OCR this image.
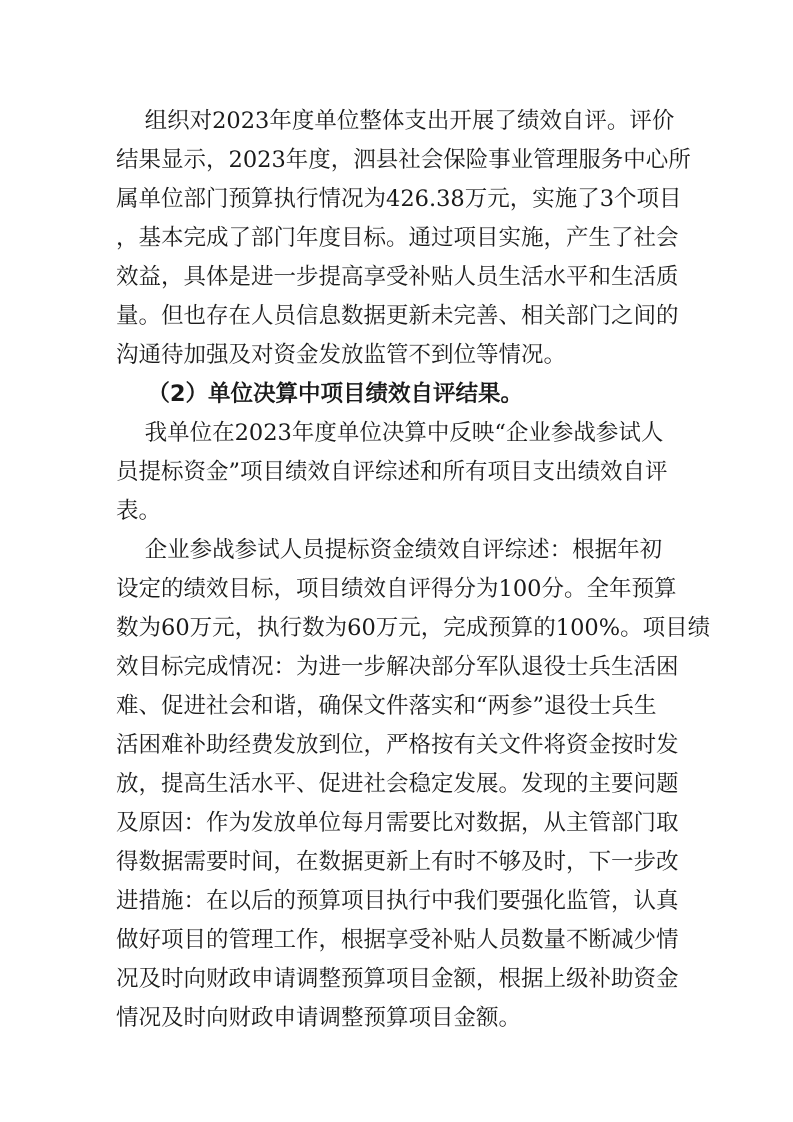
组织对2023年度单位整体支出开展了绩效自评。评价
结果显示，2023年度，泗县社会保险事业管理服务中心所
属单位部门预算执行情况为426.38万元，实施了3个项目
，基本完成了部门年度目标。通过项目实施，产生了社会
效益，具体是进一步提高享受补贴人员生活水平和生活质
量。但也存在人员信息数据更新未完善、相关部门之间的
沟通待加强及对资金发放监管不到位等情况。
（2）单位决算中项目绩效自评结果。
我单位在2023年度单位决算中反映“企业参战参试人
员提标资金”项目绩效自评综述和所有项目支出绩效自评
表。
企业参战参试人员提标资金绩效自评综述：根据年初
设定的绩效目标，项目绩效自评得分为100分。全年预算
数为60万元，执行数为60万元，完成预算的100%。项目绩
效目标完成情况：为进一步解决部分军队退役士兵生活困
难、促进社会和谐，确保文件落实和“两参”退役士兵生
活困难补助经费发放到位，严格按有关文件将资金按时发
放，提高生活水平、促进社会稳定发展。发现的主要问题
及原因：作为发放单位每月需要比对数据，从主管部门取
得数据需要时间，在数据更新上有时不够及时，下一步改
进措施：在以后的预算项目执行中我们要强化监管，认真
做好项目的管理工作，根据享受补贴人员数量不断减少情
况及时向财政申请调整预算项目金额，根据上级补助资金
情况及时向财政申请调整预算项目金额。
